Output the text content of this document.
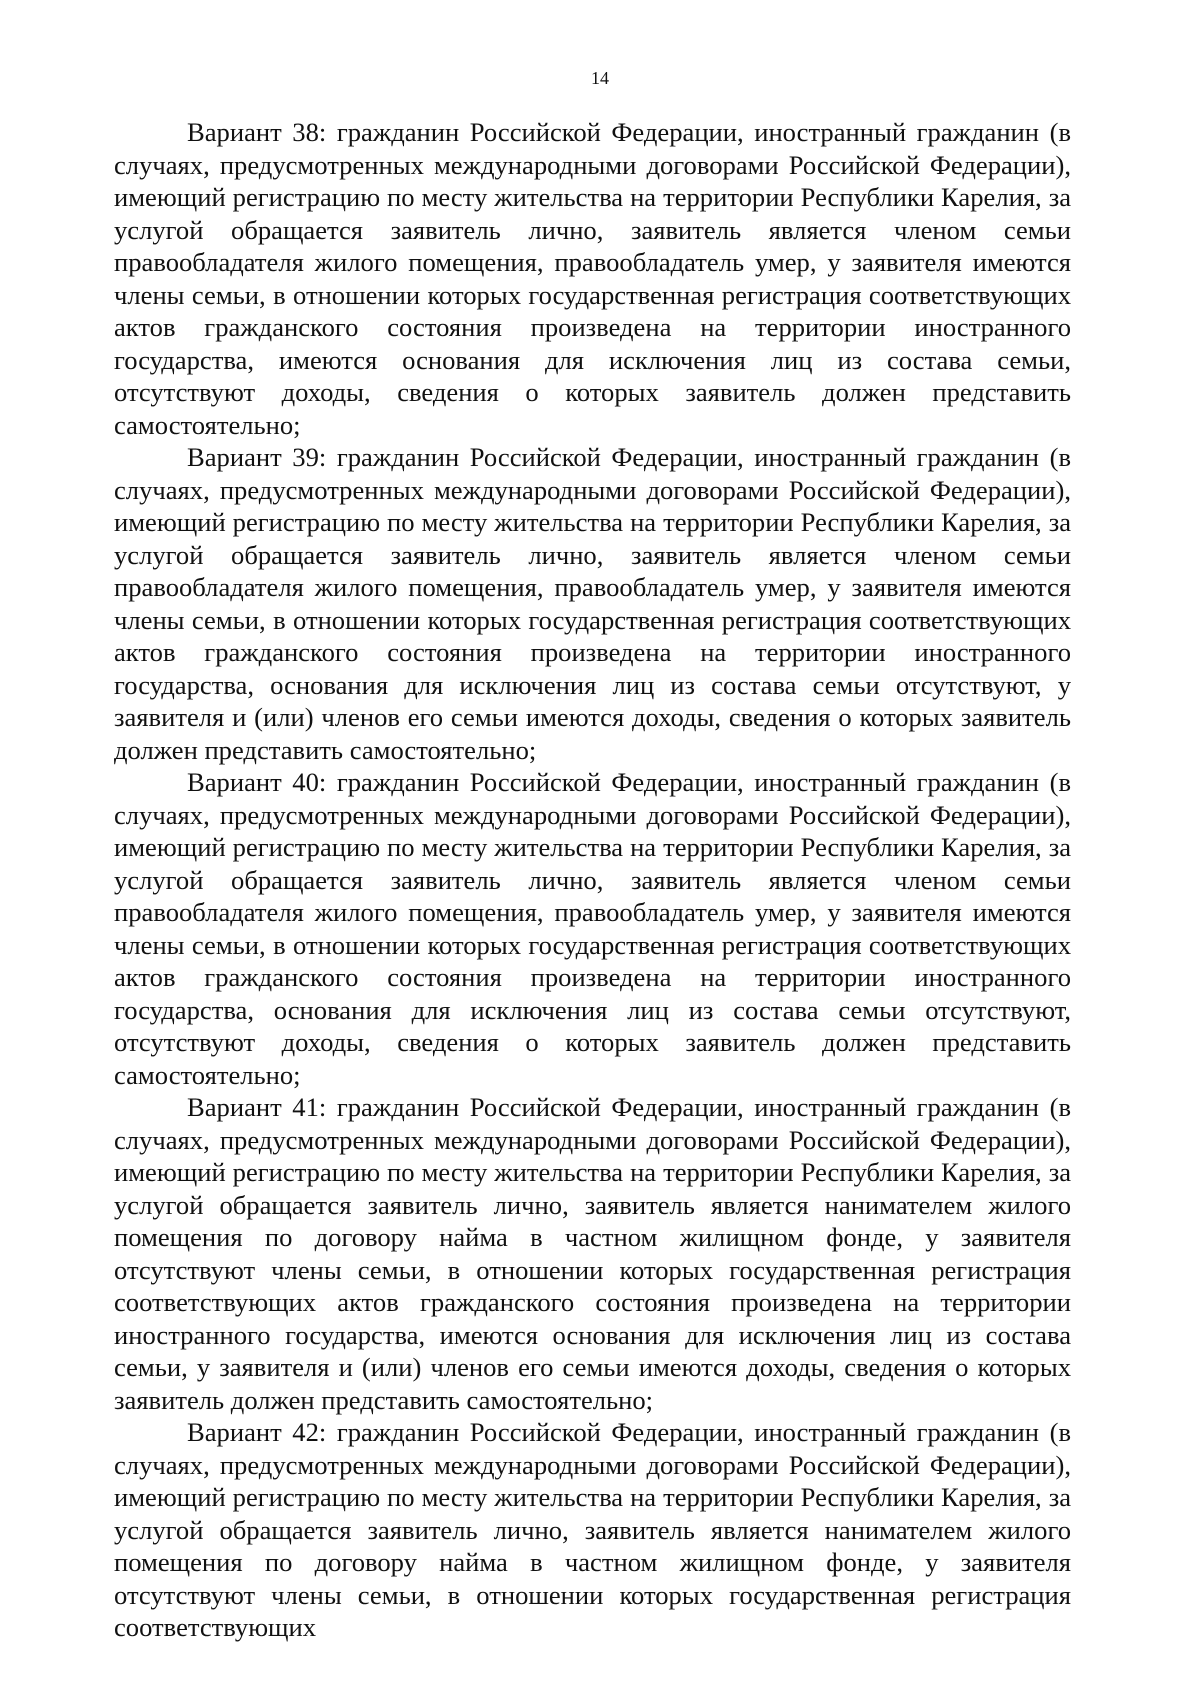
14

Вариант 38: гражданин Российской Федерации, иностранный гражданин (в случаях, предусмотренных международными договорами Российской Федерации), имеющий регистрацию по месту жительства на территории Республики Карелия, за услугой обращается заявитель лично, заявитель является членом семьи правообладателя жилого помещения, правообладатель умер, у заявителя имеются члены семьи, в отношении которых государственная регистрация соответствующих актов гражданского состояния произведена на территории иностранного государства, имеются основания для исключения лиц из состава семьи, отсутствуют доходы, сведения о которых заявитель должен представить самостоятельно;

Вариант 39: гражданин Российской Федерации, иностранный гражданин (в случаях, предусмотренных международными договорами Российской Федерации), имеющий регистрацию по месту жительства на территории Республики Карелия, за услугой обращается заявитель лично, заявитель является членом семьи правообладателя жилого помещения, правообладатель умер, у заявителя имеются члены семьи, в отношении которых государственная регистрация соответствующих актов гражданского состояния произведена на территории иностранного государства, основания для исключения лиц из состава семьи отсутствуют, у заявителя и (или) членов его семьи имеются доходы, сведения о которых заявитель должен представить самостоятельно;

Вариант 40: гражданин Российской Федерации, иностранный гражданин (в случаях, предусмотренных международными договорами Российской Федерации), имеющий регистрацию по месту жительства на территории Республики Карелия, за услугой обращается заявитель лично, заявитель является членом семьи правообладателя жилого помещения, правообладатель умер, у заявителя имеются члены семьи, в отношении которых государственная регистрация соответствующих актов гражданского состояния произведена на территории иностранного государства, основания для исключения лиц из состава семьи отсутствуют, отсутствуют доходы, сведения о которых заявитель должен представить самостоятельно;

Вариант 41: гражданин Российской Федерации, иностранный гражданин (в случаях, предусмотренных международными договорами Российской Федерации), имеющий регистрацию по месту жительства на территории Республики Карелия, за услугой обращается заявитель лично, заявитель является нанимателем жилого помещения по договору найма в частном жилищном фонде, у заявителя отсутствуют члены семьи, в отношении которых государственная регистрация соответствующих актов гражданского состояния произведена на территории иностранного государства, имеются основания для исключения лиц из состава семьи, у заявителя и (или) членов его семьи имеются доходы, сведения о которых заявитель должен представить самостоятельно;

Вариант 42: гражданин Российской Федерации, иностранный гражданин (в случаях, предусмотренных международными договорами Российской Федерации), имеющий регистрацию по месту жительства на территории Республики Карелия, за услугой обращается заявитель лично, заявитель является нанимателем жилого помещения по договору найма в частном жилищном фонде, у заявителя отсутствуют члены семьи, в отношении которых государственная регистрация соответствующих
